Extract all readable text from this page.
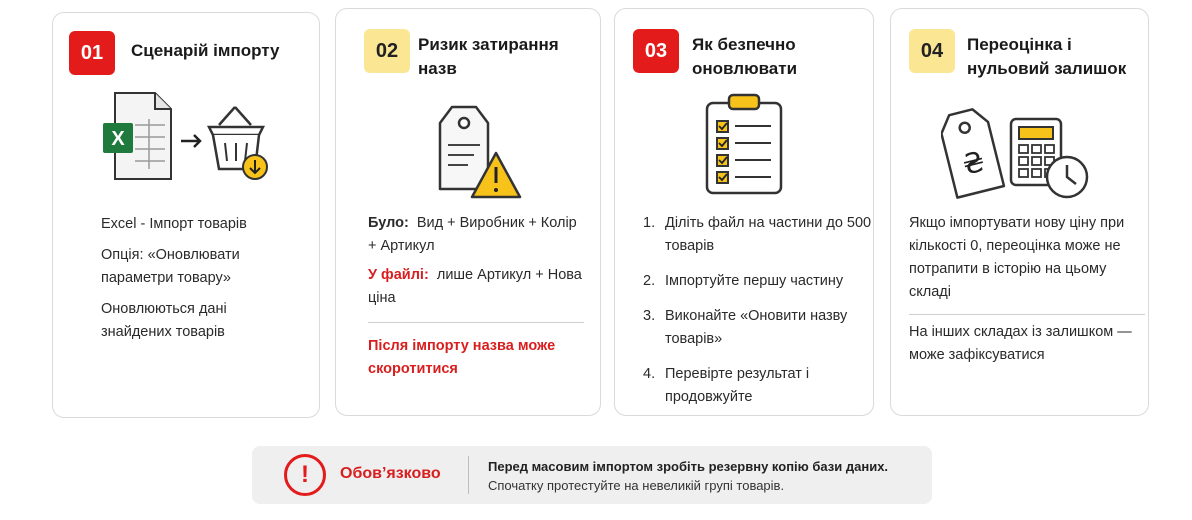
01	Сценарій імпорту
X

Excel - Імпорт товарів

Опція: «Оновлювати параметри товару»

Оновлюються дані знайдених товарів

02	Ризик затирання назв
Було: Вид + Виробник + Колір + Артикул
У файлі: лише Артикул + Нова ціна
Після імпорту назва може скоротитися
03	Як безпечно оновлювати
1. Діліть файл на частини до 500 товарів
2. Імпортуйте першу частину
3. Виконайте «Оновити назву товарів»
4. Перевірте результат і продовжуйте
04	Переоцінка і нульовий залишок
₴
Якщо імпортувати нову ціну при кількості 0, переоцінка може не потрапити в історію на цьому складі
На інших складах із залишком — може зафіксуватися
!	Обов’язково	Перед масовим імпортом зробіть резервну копію бази даних.
Спочатку протестуйте на невеликій групі товарів.
